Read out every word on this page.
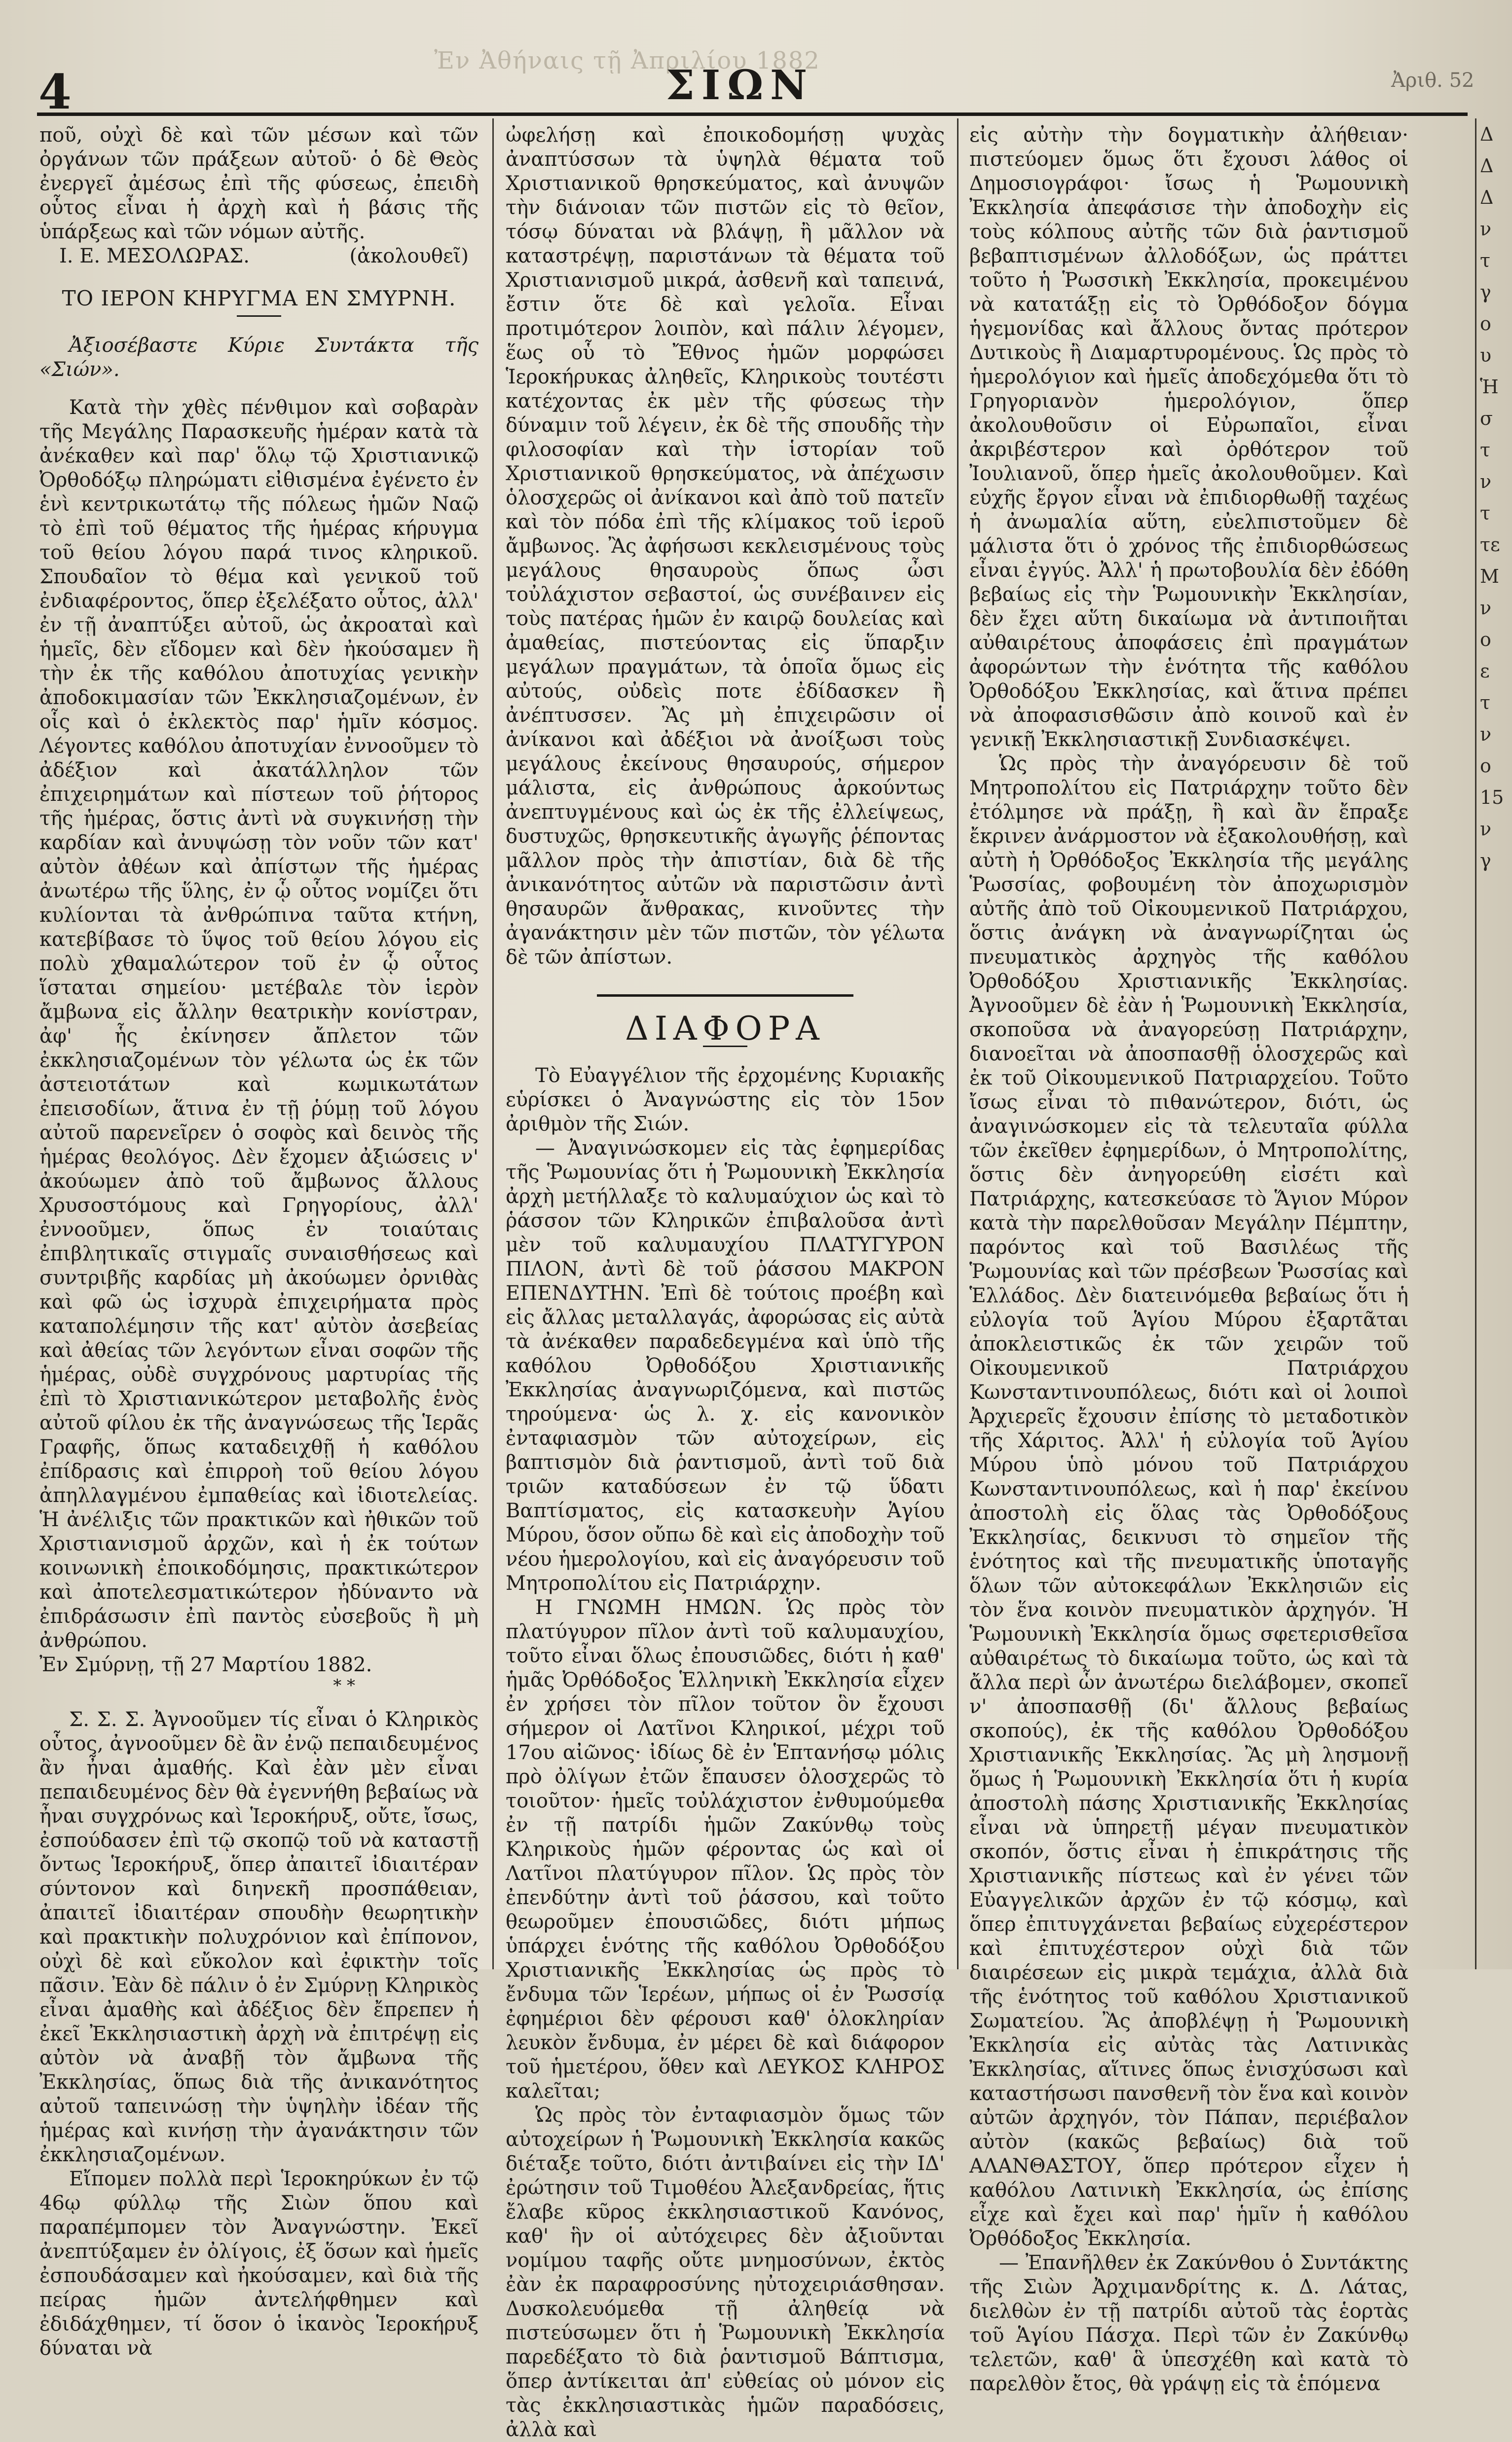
Ἐν Ἀθήναις τῇ Ἀπριλίου 1882
4	ΣΙΩΝ	Ἀριθ. 52

ποῦ, οὐχὶ δὲ καὶ τῶν μέσων καὶ τῶν ὀργάνων τῶν πράξεων αὐτοῦ· ὁ δὲ Θεὸς ἐνεργεῖ ἀμέσως ἐπὶ τῆς φύσεως, ἐπειδὴ οὗτος εἶναι ἡ ἀρχὴ καὶ ἡ βάσις τῆς ὑπάρξεως καὶ τῶν νόμων αὐτῆς.

Ι. Ε. ΜΕΣΟΛΩΡΑΣ.	(ἀκολουθεῖ)
ΤΟ ΙΕΡΟΝ ΚΗΡΥΓΜΑ ΕΝ ΣΜΥΡΝΗ.

Ἀξιοσέβαστε Κύριε Συντάκτα τῆς «Σιών».

Κατὰ τὴν χθὲς πένθιμον καὶ σοβαρὰν τῆς Μεγάλης Παρασκευῆς ἡμέραν κατὰ τὰ ἀνέκαθεν καὶ παρ' ὅλῳ τῷ Χριστιανικῷ Ὀρθοδόξῳ πληρώματι εἰθισμένα ἐγένετο ἐν ἑνὶ κεντρικωτάτῳ τῆς πόλεως ἡμῶν Ναῷ τὸ ἐπὶ τοῦ θέματος τῆς ἡμέρας κήρυγμα τοῦ θείου λόγου παρά τινος κληρικοῦ. Σπουδαῖον τὸ θέμα καὶ γενικοῦ τοῦ ἐνδιαφέροντος, ὅπερ ἐξελέξατο οὗτος, ἀλλ' ἐν τῇ ἀναπτύξει αὐτοῦ, ὡς ἀκροαταὶ καὶ ἡμεῖς, δὲν εἴδομεν καὶ δὲν ἠκούσαμεν ἢ τὴν ἐκ τῆς καθόλου ἀποτυχίας γενικὴν ἀποδοκιμασίαν τῶν Ἐκκλησιαζομένων, ἐν οἷς καὶ ὁ ἐκλεκτὸς παρ' ἡμῖν κόσμος. Λέγοντες καθόλου ἀποτυχίαν ἐννοοῦμεν τὸ ἀδέξιον καὶ ἀκατάλληλον τῶν ἐπιχειρημάτων καὶ πίστεων τοῦ ῥήτορος τῆς ἡμέρας, ὅστις ἀντὶ νὰ συγκινήσῃ τὴν καρδίαν καὶ ἀνυψώσῃ τὸν νοῦν τῶν κατ' αὐτὸν ἀθέων καὶ ἀπίστων τῆς ἡμέρας ἀνωτέρω τῆς ὕλης, ἐν ᾧ οὗτος νομίζει ὅτι κυλίονται τὰ ἀνθρώπινα ταῦτα κτήνη, κατεβίβασε τὸ ὕψος τοῦ θείου λόγου εἰς πολὺ χθαμαλώτερον τοῦ ἐν ᾧ οὗτος ἵσταται σημείου· μετέβαλε τὸν ἱερὸν ἄμβωνα εἰς ἄλλην θεατρικὴν κονίστραν, ἀφ' ἧς ἐκίνησεν ἄπλετον τῶν ἐκκλησιαζομένων τὸν γέλωτα ὡς ἐκ τῶν ἀστειοτάτων καὶ κωμικωτάτων ἐπεισοδίων, ἅτινα ἐν τῇ ῥύμῃ τοῦ λόγου αὐτοῦ παρενεῖρεν ὁ σοφὸς καὶ δεινὸς τῆς ἡμέρας θεολόγος. Δὲν ἔχομεν ἀξιώσεις ν' ἀκούωμεν ἀπὸ τοῦ ἄμβωνος ἄλλους Χρυσοστόμους καὶ Γρηγορίους, ἀλλ' ἐννοοῦμεν, ὅπως ἐν τοιαύταις ἐπιβλητικαῖς στιγμαῖς συναισθήσεως καὶ συντριβῆς καρδίας μὴ ἀκούωμεν ὀρνιθὰς καὶ φῶ ὡς ἰσχυρὰ ἐπιχειρήματα πρὸς καταπολέμησιν τῆς κατ' αὐτὸν ἀσεβείας καὶ ἀθείας τῶν λεγόντων εἶναι σοφῶν τῆς ἡμέρας, οὐδὲ συγχρόνους μαρτυρίας τῆς ἐπὶ τὸ Χριστιανικώτερον μεταβολῆς ἑνὸς αὐτοῦ φίλου ἐκ τῆς ἀναγνώσεως τῆς Ἱερᾶς Γραφῆς, ὅπως καταδειχθῇ ἡ καθόλου ἐπίδρασις καὶ ἐπιρροὴ τοῦ θείου λόγου ἀπηλλαγμένου ἐμπαθείας καὶ ἰδιοτελείας. Ἡ ἀνέλιξις τῶν πρακτικῶν καὶ ἠθικῶν τοῦ Χριστιανισμοῦ ἀρχῶν, καὶ ἡ ἐκ τούτων κοινωνικὴ ἐποικοδόμησις, πρακτικώτερον καὶ ἀποτελεσματικώτερον ἠδύναντο νὰ ἐπιδράσωσιν ἐπὶ παντὸς εὐσεβοῦς ἢ μὴ ἀνθρώπου.

Ἐν Σμύρνῃ, τῇ 27 Μαρτίου 1882.

* *

Σ. Σ. Σ. Ἀγνοοῦμεν τίς εἶναι ὁ Κληρικὸς οὗτος, ἀγνοοῦμεν δὲ ἂν ἐνῷ πεπαιδευμένος ἂν ἦναι ἀμαθής. Καὶ ἐὰν μὲν εἶναι πεπαιδευμένος δὲν θὰ ἐγεννήθη βεβαίως νὰ ἦναι συγχρόνως καὶ Ἱεροκήρυξ, οὔτε, ἴσως, ἐσπούδασεν ἐπὶ τῷ σκοπῷ τοῦ νὰ καταστῇ ὄντως Ἱεροκήρυξ, ὅπερ ἀπαιτεῖ ἰδιαιτέραν σύντονον καὶ διηνεκῆ προσπάθειαν, ἀπαιτεῖ ἰδιαιτέραν σπουδὴν θεωρητικὴν καὶ πρακτικὴν πολυχρόνιον καὶ ἐπίπονον, οὐχὶ δὲ καὶ εὔκολον καὶ ἐφικτὴν τοῖς πᾶσιν. Ἐὰν δὲ πάλιν ὁ ἐν Σμύρνῃ Κληρικὸς εἶναι ἀμαθὴς καὶ ἀδέξιος δὲν ἔπρεπεν ἡ ἐκεῖ Ἐκκλησιαστικὴ ἀρχὴ νὰ ἐπιτρέψῃ εἰς αὐτὸν νὰ ἀναβῇ τὸν ἄμβωνα τῆς Ἐκκλησίας, ὅπως διὰ τῆς ἀνικανότητος αὐτοῦ ταπεινώσῃ τὴν ὑψηλὴν ἰδέαν τῆς ἡμέρας καὶ κινήσῃ τὴν ἀγανάκτησιν τῶν ἐκκλησιαζομένων.

Εἴπομεν πολλὰ περὶ Ἱεροκηρύκων ἐν τῷ 46ῳ φύλλῳ τῆς Σιὼν ὅπου καὶ παραπέμπομεν τὸν Ἀναγνώστην. Ἐκεῖ ἀνεπτύξαμεν ἐν ὀλίγοις, ἐξ ὅσων καὶ ἡμεῖς ἐσπουδάσαμεν καὶ ἠκούσαμεν, καὶ διὰ τῆς πείρας ἡμῶν ἀντελήφθημεν καὶ ἐδιδάχθημεν, τί ὅσον ὁ ἱκανὸς Ἱεροκήρυξ δύναται νὰ

ὠφελήσῃ καὶ ἐποικοδομήσῃ ψυχὰς ἀναπτύσσων τὰ ὑψηλὰ θέματα τοῦ Χριστιανικοῦ θρησκεύματος, καὶ ἀνυψῶν τὴν διάνοιαν τῶν πιστῶν εἰς τὸ θεῖον, τόσῳ δύναται νὰ βλάψῃ, ἢ μᾶλλον νὰ καταστρέψῃ, παριστάνων τὰ θέματα τοῦ Χριστιανισμοῦ μικρά, ἀσθενῆ καὶ ταπεινά, ἔστιν ὅτε δὲ καὶ γελοῖα. Εἶναι προτιμότερον λοιπὸν, καὶ πάλιν λέγομεν, ἕως οὗ τὸ Ἔθνος ἡμῶν μορφώσει Ἱεροκήρυκας ἀληθεῖς, Κληρικοὺς τουτέστι κατέχοντας ἐκ μὲν τῆς φύσεως τὴν δύναμιν τοῦ λέγειν, ἐκ δὲ τῆς σπουδῆς τὴν φιλοσοφίαν καὶ τὴν ἱστορίαν τοῦ Χριστιανικοῦ θρησκεύματος, νὰ ἀπέχωσιν ὁλοσχερῶς οἱ ἀνίκανοι καὶ ἀπὸ τοῦ πατεῖν καὶ τὸν πόδα ἐπὶ τῆς κλίμακος τοῦ ἱεροῦ ἄμβωνος. Ἂς ἀφήσωσι κεκλεισμένους τοὺς μεγάλους θησαυροὺς ὅπως ὦσι τοὐλάχιστον σεβαστοί, ὡς συνέβαινεν εἰς τοὺς πατέρας ἡμῶν ἐν καιρῷ δουλείας καὶ ἀμαθείας, πιστεύοντας εἰς ὕπαρξιν μεγάλων πραγμάτων, τὰ ὁποῖα ὅμως εἰς αὐτούς, οὐδεὶς ποτε ἐδίδασκεν ἢ ἀνέπτυσσεν. Ἂς μὴ ἐπιχειρῶσιν οἱ ἀνίκανοι καὶ ἀδέξιοι νὰ ἀνοίξωσι τοὺς μεγάλους ἐκείνους θησαυρούς, σήμερον μάλιστα, εἰς ἀνθρώπους ἀρκούντως ἀνεπτυγμένους καὶ ὡς ἐκ τῆς ἐλλείψεως, δυστυχῶς, θρησκευτικῆς ἀγωγῆς ῥέποντας μᾶλλον πρὸς τὴν ἀπιστίαν, διὰ δὲ τῆς ἀνικανότητος αὐτῶν νὰ παριστῶσιν ἀντὶ θησαυρῶν ἄνθρακας, κινοῦντες τὴν ἀγανάκτησιν μὲν τῶν πιστῶν, τὸν γέλωτα δὲ τῶν ἀπίστων.

ΔΙΑΦΟΡΑ

Τὸ Εὐαγγέλιον τῆς ἐρχομένης Κυριακῆς εὑρίσκει ὁ Ἀναγνώστης εἰς τὸν 15ον ἀριθμὸν τῆς Σιών.

— Ἀναγινώσκομεν εἰς τὰς ἐφημερίδας τῆς Ῥωμουνίας ὅτι ἡ Ῥωμουνικὴ Ἐκκλησία ἀρχὴ μετήλλαξε τὸ καλυμαύχιον ὡς καὶ τὸ ῥάσσον τῶν Κληρικῶν ἐπιβαλοῦσα ἀντὶ μὲν τοῦ καλυμαυχίου ΠΛΑΤΥΓΥΡΟΝ ΠΙΛΟΝ, ἀντὶ δὲ τοῦ ῥάσσου ΜΑΚΡΟΝ ΕΠΕΝΔΥΤΗΝ. Ἐπὶ δὲ τούτοις προέβη καὶ εἰς ἄλλας μεταλλαγάς, ἀφορώσας εἰς αὐτὰ τὰ ἀνέκαθεν παραδεδεγμένα καὶ ὑπὸ τῆς καθόλου Ὀρθοδόξου Χριστιανικῆς Ἐκκλησίας ἀναγνωριζόμενα, καὶ πιστῶς τηρούμενα· ὡς λ. χ. εἰς κανονικὸν ἐνταφιασμὸν τῶν αὐτοχείρων, εἰς βαπτισμὸν διὰ ῥαντισμοῦ, ἀντὶ τοῦ διὰ τριῶν καταδύσεων ἐν τῷ ὕδατι Βαπτίσματος, εἰς κατασκευὴν Ἁγίου Μύρου, ὅσον οὔπω δὲ καὶ εἰς ἀποδοχὴν τοῦ νέου ἡμερολογίου, καὶ εἰς ἀναγόρευσιν τοῦ Μητροπολίτου εἰς Πατριάρχην.

Η ΓΝΩΜΗ ΗΜΩΝ. Ὡς πρὸς τὸν πλατύγυρον πῖλον ἀντὶ τοῦ καλυμαυχίου, τοῦτο εἶναι ὅλως ἐπουσιῶδες, διότι ἡ καθ' ἡμᾶς Ὀρθόδοξος Ἑλληνικὴ Ἐκκλησία εἶχεν ἐν χρήσει τὸν πῖλον τοῦτον ὃν ἔχουσι σήμερον οἱ Λατῖνοι Κληρικοί, μέχρι τοῦ 17ου αἰῶνος· ἰδίως δὲ ἐν Ἑπτανήσῳ μόλις πρὸ ὀλίγων ἐτῶν ἔπαυσεν ὁλοσχερῶς τὸ τοιοῦτον· ἡμεῖς τοὐλάχιστον ἐνθυμούμεθα ἐν τῇ πατρίδι ἡμῶν Ζακύνθῳ τοὺς Κληρικοὺς ἡμῶν φέροντας ὡς καὶ οἱ Λατῖνοι πλατύγυρον πῖλον. Ὡς πρὸς τὸν ἐπενδύτην ἀντὶ τοῦ ῥάσσου, καὶ τοῦτο θεωροῦμεν ἐπουσιῶδες, διότι μήπως ὑπάρχει ἑνότης τῆς καθόλου Ὀρθοδόξου Χριστιανικῆς Ἐκκλησίας ὡς πρὸς τὸ ἔνδυμα τῶν Ἱερέων, μήπως οἱ ἐν Ῥωσσίᾳ ἐφημέριοι δὲν φέρουσι καθ' ὁλοκληρίαν λευκὸν ἔνδυμα, ἐν μέρει δὲ καὶ διάφορον τοῦ ἡμετέρου, ὅθεν καὶ ΛΕΥΚΟΣ ΚΛΗΡΟΣ καλεῖται;

Ὡς πρὸς τὸν ἐνταφιασμὸν ὅμως τῶν αὐτοχείρων ἡ Ῥωμουνικὴ Ἐκκλησία κακῶς διέταξε τοῦτο, διότι ἀντιβαίνει εἰς τὴν ΙΔ' ἐρώτησιν τοῦ Τιμοθέου Ἀλεξανδρείας, ἥτις ἔλαβε κῦρος ἐκκλησιαστικοῦ Κανόνος, καθ' ἣν οἱ αὐτόχειρες δὲν ἀξιοῦνται νομίμου ταφῆς οὔτε μνημοσύνων, ἐκτὸς ἐὰν ἐκ παραφροσύνης ηὐτοχειριάσθησαν. Δυσκολευόμεθα τῇ ἀληθείᾳ νὰ πιστεύσωμεν ὅτι ἡ Ῥωμουνικὴ Ἐκκλησία παρεδέξατο τὸ διὰ ῥαντισμοῦ Βάπτισμα, ὅπερ ἀντίκειται ἀπ' εὐθείας οὐ μόνον εἰς τὰς ἐκκλησιαστικὰς ἡμῶν παραδόσεις, ἀλλὰ καὶ

εἰς αὐτὴν τὴν δογματικὴν ἀλήθειαν· πιστεύομεν ὅμως ὅτι ἔχουσι λάθος οἱ Δημοσιογράφοι· ἴσως ἡ Ῥωμουνικὴ Ἐκκλησία ἀπεφάσισε τὴν ἀποδοχὴν εἰς τοὺς κόλπους αὐτῆς τῶν διὰ ῥαντισμοῦ βεβαπτισμένων ἀλλοδόξων, ὡς πράττει τοῦτο ἡ Ῥωσσικὴ Ἐκκλησία, προκειμένου νὰ κατατάξῃ εἰς τὸ Ὀρθόδοξον δόγμα ἡγεμονίδας καὶ ἄλλους ὄντας πρότερον Δυτικοὺς ἢ Διαμαρτυρομένους. Ὡς πρὸς τὸ ἡμερολόγιον καὶ ἡμεῖς ἀποδεχόμεθα ὅτι τὸ Γρηγοριανὸν ἡμερολόγιον, ὅπερ ἀκολουθοῦσιν οἱ Εὐρωπαῖοι, εἶναι ἀκριβέστερον καὶ ὀρθότερον τοῦ Ἰουλιανοῦ, ὅπερ ἡμεῖς ἀκολουθοῦμεν. Καὶ εὐχῆς ἔργον εἶναι νὰ ἐπιδιορθωθῇ ταχέως ἡ ἀνωμαλία αὕτη, εὐελπιστοῦμεν δὲ μάλιστα ὅτι ὁ χρόνος τῆς ἐπιδιορθώσεως εἶναι ἐγγύς. Ἀλλ' ἡ πρωτοβουλία δὲν ἐδόθη βεβαίως εἰς τὴν Ῥωμουνικὴν Ἐκκλησίαν, δὲν ἔχει αὕτη δικαίωμα νὰ ἀντιποιῆται αὐθαιρέτους ἀποφάσεις ἐπὶ πραγμάτων ἀφορώντων τὴν ἑνότητα τῆς καθόλου Ὀρθοδόξου Ἐκκλησίας, καὶ ἅτινα πρέπει νὰ ἀποφασισθῶσιν ἀπὸ κοινοῦ καὶ ἐν γενικῇ Ἐκκλησιαστικῇ Συνδιασκέψει.

Ὡς πρὸς τὴν ἀναγόρευσιν δὲ τοῦ Μητροπολίτου εἰς Πατριάρχην τοῦτο δὲν ἐτόλμησε νὰ πράξῃ, ἢ καὶ ἂν ἔπραξε ἔκρινεν ἀνάρμοστον νὰ ἐξακολουθήσῃ, καὶ αὐτὴ ἡ Ὀρθόδοξος Ἐκκλησία τῆς μεγάλης Ῥωσσίας, φοβουμένη τὸν ἀποχωρισμὸν αὐτῆς ἀπὸ τοῦ Οἰκουμενικοῦ Πατριάρχου, ὅστις ἀνάγκη νὰ ἀναγνωρίζηται ὡς πνευματικὸς ἀρχηγὸς τῆς καθόλου Ὀρθοδόξου Χριστιανικῆς Ἐκκλησίας. Ἀγνοοῦμεν δὲ ἐὰν ἡ Ῥωμουνικὴ Ἐκκλησία, σκοποῦσα νὰ ἀναγορεύσῃ Πατριάρχην, διανοεῖται νὰ ἀποσπασθῇ ὁλοσχερῶς καὶ ἐκ τοῦ Οἰκουμενικοῦ Πατριαρχείου. Τοῦτο ἴσως εἶναι τὸ πιθανώτερον, διότι, ὡς ἀναγινώσκομεν εἰς τὰ τελευταῖα φύλλα τῶν ἐκεῖθεν ἐφημερίδων, ὁ Μητροπολίτης, ὅστις δὲν ἀνηγορεύθη εἰσέτι καὶ Πατριάρχης, κατεσκεύασε τὸ Ἅγιον Μύρον κατὰ τὴν παρελθοῦσαν Μεγάλην Πέμπτην, παρόντος καὶ τοῦ Βασιλέως τῆς Ῥωμουνίας καὶ τῶν πρέσβεων Ῥωσσίας καὶ Ἑλλάδος. Δὲν διατεινόμεθα βεβαίως ὅτι ἡ εὐλογία τοῦ Ἁγίου Μύρου ἐξαρτᾶται ἀποκλειστικῶς ἐκ τῶν χειρῶν τοῦ Οἰκουμενικοῦ Πατριάρχου Κωνσταντινουπόλεως, διότι καὶ οἱ λοιποὶ Ἀρχιερεῖς ἔχουσιν ἐπίσης τὸ μεταδοτικὸν τῆς Χάριτος. Ἀλλ' ἡ εὐλογία τοῦ Ἁγίου Μύρου ὑπὸ μόνου τοῦ Πατριάρχου Κωνσταντινουπόλεως, καὶ ἡ παρ' ἐκείνου ἀποστολὴ εἰς ὅλας τὰς Ὀρθοδόξους Ἐκκλησίας, δεικνυσι τὸ σημεῖον τῆς ἑνότητος καὶ τῆς πνευματικῆς ὑποταγῆς ὅλων τῶν αὐτοκεφάλων Ἐκκλησιῶν εἰς τὸν ἕνα κοινὸν πνευματικὸν ἀρχηγόν. Ἡ Ῥωμουνικὴ Ἐκκλησία ὅμως σφετερισθεῖσα αὐθαιρέτως τὸ δικαίωμα τοῦτο, ὡς καὶ τὰ ἄλλα περὶ ὧν ἀνωτέρω διελάβομεν, σκοπεῖ ν' ἀποσπασθῇ (δι' ἄλλους βεβαίως σκοπούς), ἐκ τῆς καθόλου Ὀρθοδόξου Χριστιανικῆς Ἐκκλησίας. Ἂς μὴ λησμονῇ ὅμως ἡ Ῥωμουνικὴ Ἐκκλησία ὅτι ἡ κυρία ἀποστολὴ πάσης Χριστιανικῆς Ἐκκλησίας εἶναι νὰ ὑπηρετῇ μέγαν πνευματικὸν σκοπόν, ὅστις εἶναι ἡ ἐπικράτησις τῆς Χριστιανικῆς πίστεως καὶ ἐν γένει τῶν Εὐαγγελικῶν ἀρχῶν ἐν τῷ κόσμῳ, καὶ ὅπερ ἐπιτυγχάνεται βεβαίως εὐχερέστερον καὶ ἐπιτυχέστερον οὐχὶ διὰ τῶν διαιρέσεων εἰς μικρὰ τεμάχια, ἀλλὰ διὰ τῆς ἑνότητος τοῦ καθόλου Χριστιανικοῦ Σωματείου. Ἂς ἀποβλέψῃ ἡ Ῥωμουνικὴ Ἐκκλησία εἰς αὐτὰς τὰς Λατινικὰς Ἐκκλησίας, αἵτινες ὅπως ἐνισχύσωσι καὶ καταστήσωσι πανσθενῆ τὸν ἕνα καὶ κοινὸν αὐτῶν ἀρχηγόν, τὸν Πάπαν, περιέβαλον αὐτὸν (κακῶς βεβαίως) διὰ τοῦ ΑΛΑΝΘΑΣΤΟΥ, ὅπερ πρότερον εἶχεν ἡ καθόλου Λατινικὴ Ἐκκλησία, ὡς ἐπίσης εἶχε καὶ ἔχει καὶ παρ' ἡμῖν ἡ καθόλου Ὀρθόδοξος Ἐκκλησία.

— Ἐπανῆλθεν ἐκ Ζακύνθου ὁ Συντάκτης τῆς Σιὼν Ἀρχιμανδρίτης κ. Δ. Λάτας, διελθὼν ἐν τῇ πατρίδι αὐτοῦ τὰς ἑορτὰς τοῦ Ἁγίου Πάσχα. Περὶ τῶν ἐν Ζακύνθῳ τελετῶν, καθ' ἃ ὑπεσχέθη καὶ κατὰ τὸ παρελθὸν ἔτος, θὰ γράψῃ εἰς τὰ ἑπόμενα

Δ
Δ
Δ
ν
τ
γ
ο
υ
Ἡ
σ
τ
ν
τ
τε
Μ
ν
ο
ε
τ
ν
ο
15
ν
γ
